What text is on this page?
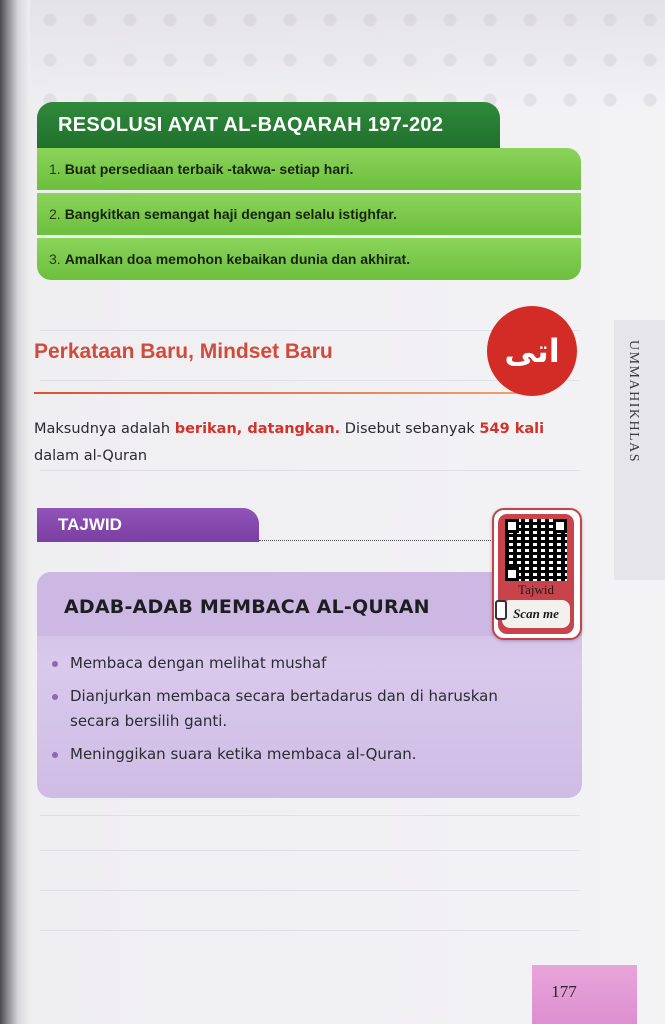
RESOLUSI AYAT AL-BAQARAH 197-202
1. Buat persediaan terbaik -takwa- setiap hari.
2. Bangkitkan semangat haji dengan selalu istighfar.
3. Amalkan doa memohon kebaikan dunia dan akhirat.
Perkataan Baru, Mindset Baru	اتى
Maksudnya adalah berikan, datangkan. Disebut sebanyak 549 kali
dalam al-Quran	UMMAHIKHLAS
TAJWID
ADAB-ADAB MEMBACA AL-QURAN
Membaca dengan melihat mushaf
Dianjurkan membaca secara bertadarus dan di haruskan secara bersilih ganti.
Meninggikan suara ketika membaca al-Quran.
Tajwid
Scan me
177
